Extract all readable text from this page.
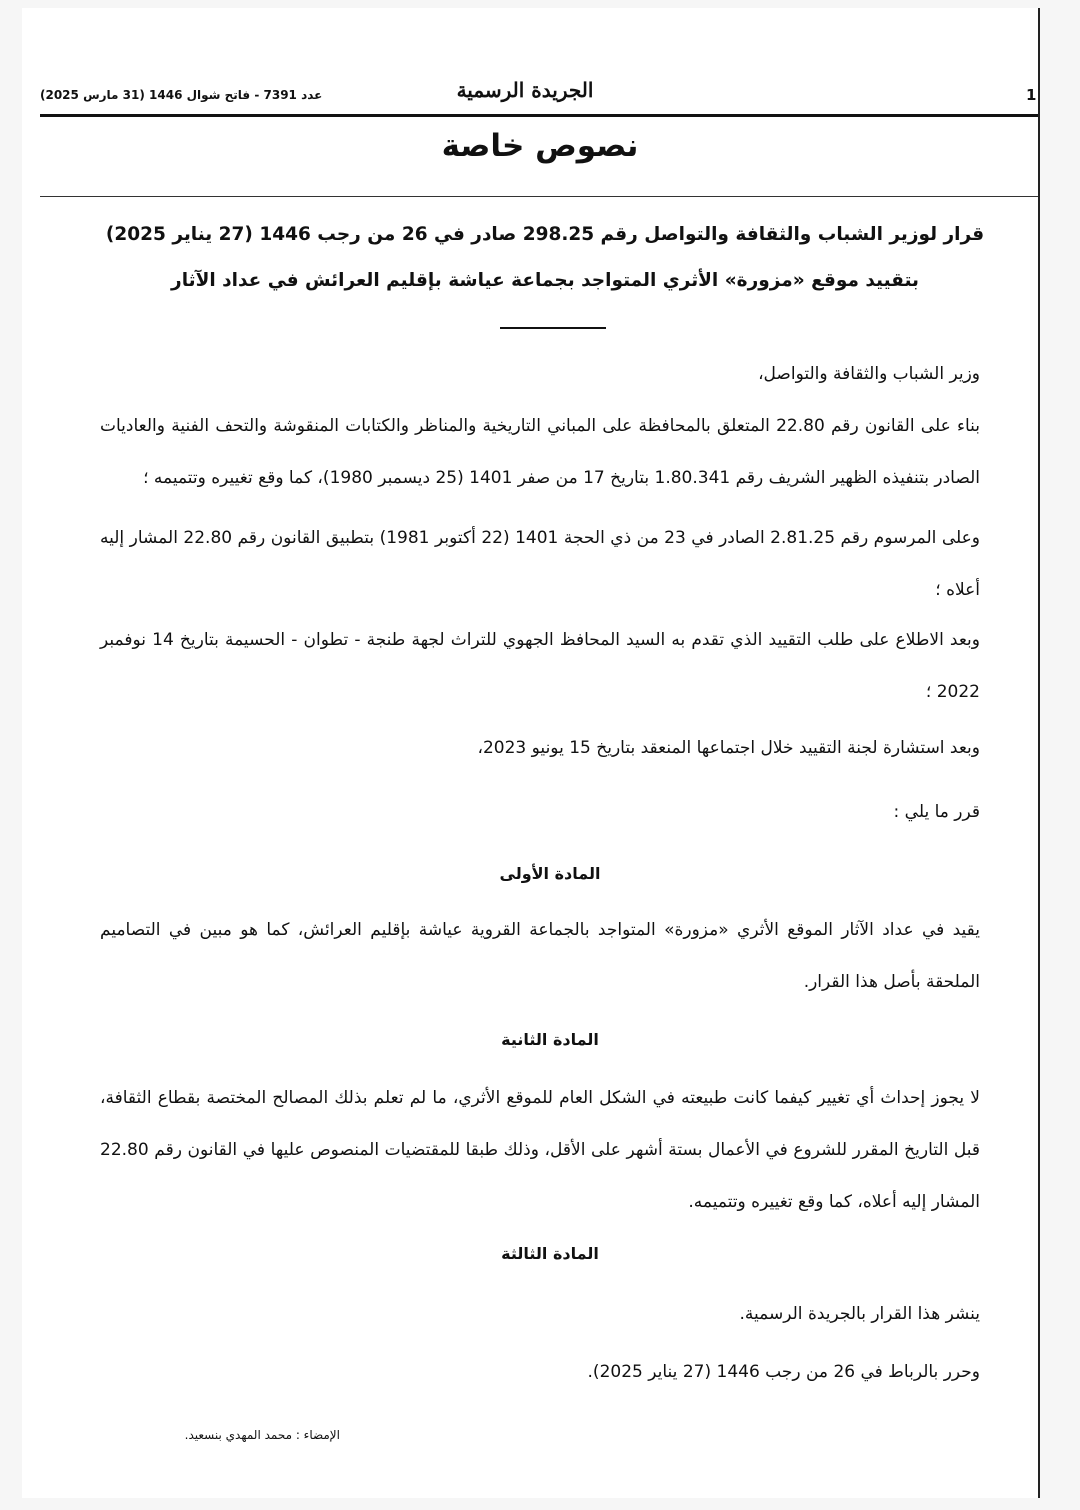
1
الجريدة الرسمية
عدد 7391 - فاتح شوال 1446 (31 مارس 2025)
نصوص خاصة
قرار لوزير الشباب والثقافة والتواصل رقم 298.25 صادر في 26 من رجب 1446 (27 يناير 2025) بتقييد موقع «مزورة» الأثري المتواجد بجماعة عياشة بإقليم العرائش في عداد الآثار
وزير الشباب والثقافة والتواصل،
بناء على القانون رقم 22.80 المتعلق بالمحافظة على المباني التاريخية والمناظر والكتابات المنقوشة والتحف الفنية والعاديات الصادر بتنفيذه الظهير الشريف رقم 1.80.341 بتاريخ 17 من صفر 1401 (25 ديسمبر 1980)، كما وقع تغييره وتتميمه ؛
وعلى المرسوم رقم 2.81.25 الصادر في 23 من ذي الحجة 1401 (22 أكتوبر 1981) بتطبيق القانون رقم 22.80 المشار إليه أعلاه ؛
وبعد الاطلاع على طلب التقييد الذي تقدم به السيد المحافظ الجهوي للتراث لجهة طنجة - تطوان - الحسيمة بتاريخ 14 نوفمبر 2022 ؛
وبعد استشارة لجنة التقييد خلال اجتماعها المنعقد بتاريخ 15 يونيو 2023،
قرر ما يلي :
المادة الأولى
يقيد في عداد الآثار الموقع الأثري «مزورة» المتواجد بالجماعة القروية عياشة بإقليم العرائش، كما هو مبين في التصاميم الملحقة بأصل هذا القرار.
المادة الثانية
لا يجوز إحداث أي تغيير كيفما كانت طبيعته في الشكل العام للموقع الأثري، ما لم تعلم بذلك المصالح المختصة بقطاع الثقافة، قبل التاريخ المقرر للشروع في الأعمال بستة أشهر على الأقل، وذلك طبقا للمقتضيات المنصوص عليها في القانون رقم 22.80 المشار إليه أعلاه، كما وقع تغييره وتتميمه.
المادة الثالثة
ينشر هذا القرار بالجريدة الرسمية.
وحرر بالرباط في 26 من رجب 1446 (27 يناير 2025).
الإمضاء : محمد المهدي بنسعيد.
